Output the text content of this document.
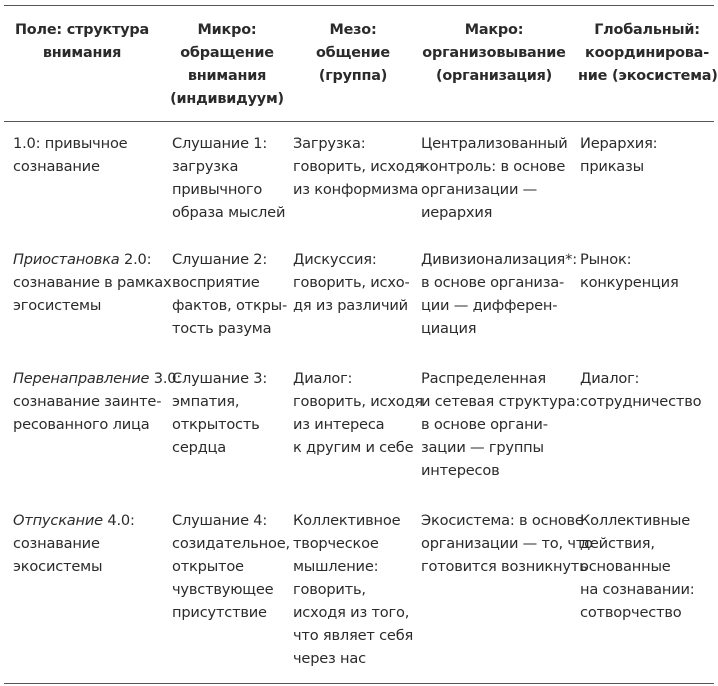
Поле: структура
внимания
Микро:
обращение
внимания
(индивидуум)
Мезо:
общение
(группа)
Макро:
организовывание
(организация)
Глобальный:
координирова-
ние (экосистема)
1.0: привычное
сознавание
Слушание 1:
загрузка
привычного
образа мыслей
Загрузка:
говорить, исходя
из конформизма
Централизованный
контроль: в основе
организации —
иерархия
Иерархия:
приказы
Приостановка 2.0:
сознавание в рамках
эгосистемы
Слушание 2:
восприятие
фактов, откры-
тость разума
Дискуссия:
говорить, исхо-
дя из различий
Дивизионализация*:
в основе организа-
ции — дифферен-
циация
Рынок:
конкуренция
Перенаправление 3.0:
сознавание заинте-
ресованного лица
Слушание 3:
эмпатия,
открытость
сердца
Диалог:
говорить, исходя
из интереса
к другим и себе
Распределенная
и сетевая структура:
в основе органи-
зации — группы
интересов
Диалог:
сотрудничество
Отпускание 4.0:
сознавание
экосистемы
Слушание 4:
созидательное,
открытое
чувствующее
присутствие
Коллективное
творческое
мышление:
говорить,
исходя из того,
что являет себя
через нас
Экосистема: в основе
организации — то, что
готовится возникнуть
Коллективные
действия,
основанные
на сознавании:
сотворчество
